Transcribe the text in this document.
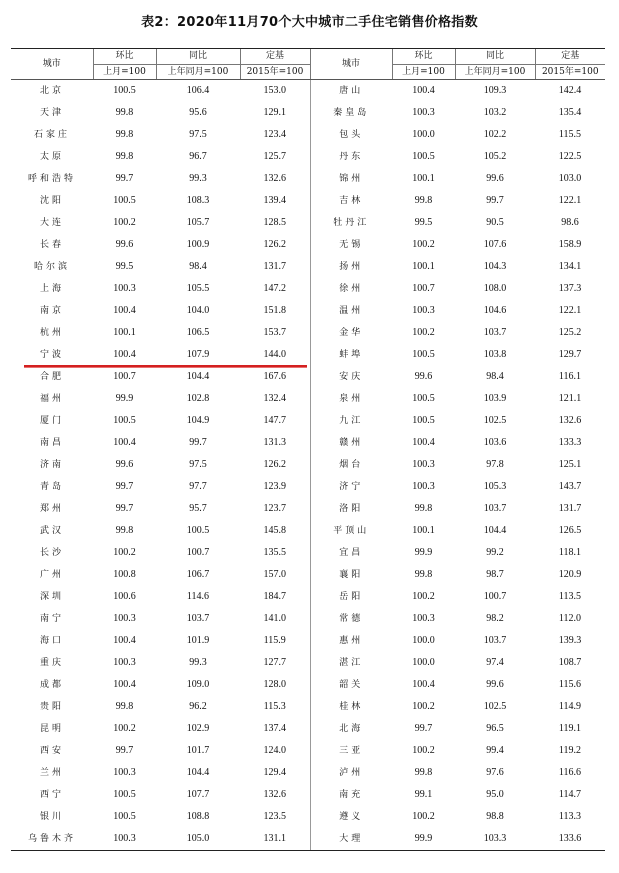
表2：2020年11月70个大中城市二手住宅销售价格指数
城市	环比	同比	定基	城市	环比	同比	定基
	上月=100	上年同月=100	2015年=100		上月=100	上年同月=100	2015年=100
北京	100.5	106.4	153.0	唐山	100.4	109.3	142.4
天津	99.8	95.6	129.1	秦皇岛	100.3	103.2	135.4
石家庄	99.8	97.5	123.4	包头	100.0	102.2	115.5
太原	99.8	96.7	125.7	丹东	100.5	105.2	122.5
呼和浩特	99.7	99.3	132.6	锦州	100.1	99.6	103.0
沈阳	100.5	108.3	139.4	吉林	99.8	99.7	122.1
大连	100.2	105.7	128.5	牡丹江	99.5	90.5	98.6
长春	99.6	100.9	126.2	无锡	100.2	107.6	158.9
哈尔滨	99.5	98.4	131.7	扬州	100.1	104.3	134.1
上海	100.3	105.5	147.2	徐州	100.7	108.0	137.3
南京	100.4	104.0	151.8	温州	100.3	104.6	122.1
杭州	100.1	106.5	153.7	金华	100.2	103.7	125.2
宁波	100.4	107.9	144.0	蚌埠	100.5	103.8	129.7
合肥	100.7	104.4	167.6	安庆	99.6	98.4	116.1
福州	99.9	102.8	132.4	泉州	100.5	103.9	121.1
厦门	100.5	104.9	147.7	九江	100.5	102.5	132.6
南昌	100.4	99.7	131.3	赣州	100.4	103.6	133.3
济南	99.6	97.5	126.2	烟台	100.3	97.8	125.1
青岛	99.7	97.7	123.9	济宁	100.3	105.3	143.7
郑州	99.7	95.7	123.7	洛阳	99.8	103.7	131.7
武汉	99.8	100.5	145.8	平顶山	100.1	104.4	126.5
长沙	100.2	100.7	135.5	宜昌	99.9	99.2	118.1
广州	100.8	106.7	157.0	襄阳	99.8	98.7	120.9
深圳	100.6	114.6	184.7	岳阳	100.2	100.7	113.5
南宁	100.3	103.7	141.0	常德	100.3	98.2	112.0
海口	100.4	101.9	115.9	惠州	100.0	103.7	139.3
重庆	100.3	99.3	127.7	湛江	100.0	97.4	108.7
成都	100.4	109.0	128.0	韶关	100.4	99.6	115.6
贵阳	99.8	96.2	115.3	桂林	100.2	102.5	114.9
昆明	100.2	102.9	137.4	北海	99.7	96.5	119.1
西安	99.7	101.7	124.0	三亚	100.2	99.4	119.2
兰州	100.3	104.4	129.4	泸州	99.8	97.6	116.6
西宁	100.5	107.7	132.6	南充	99.1	95.0	114.7
银川	100.5	108.8	123.5	遵义	100.2	98.8	113.3
乌鲁木齐	100.3	105.0	131.1	大理	99.9	103.3	133.6
